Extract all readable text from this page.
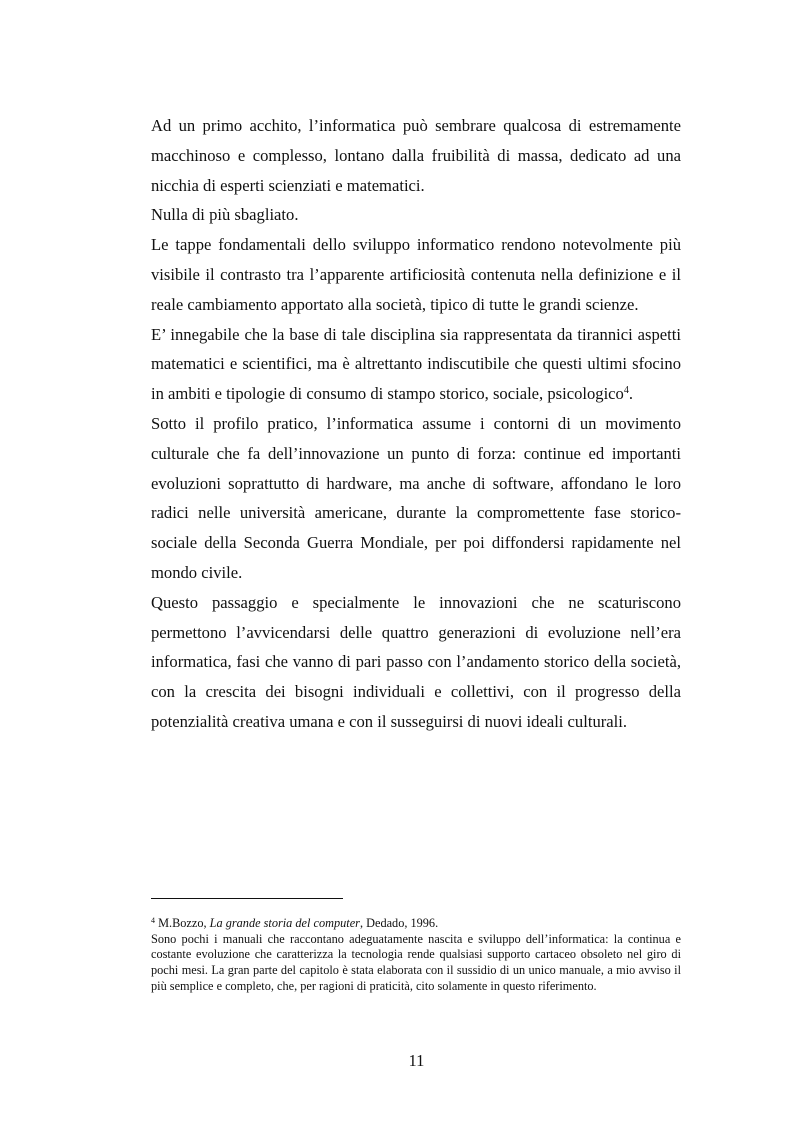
Ad un primo acchito, l’informatica può sembrare qualcosa di estremamente macchinoso e complesso, lontano dalla fruibilità di massa, dedicato ad una nicchia di esperti scienziati e matematici.

Nulla di più sbagliato.

Le tappe fondamentali dello sviluppo informatico rendono notevolmente più visibile il contrasto tra l’apparente artificiosità contenuta nella definizione e il reale cambiamento apportato alla società, tipico di tutte le grandi scienze.

E’ innegabile che la base di tale disciplina sia rappresentata da tirannici aspetti matematici e scientifici, ma è altrettanto indiscutibile che questi ultimi sfocino in ambiti e tipologie di consumo di stampo storico, sociale, psicologico$^4$.

Sotto il profilo pratico, l’informatica assume i contorni di un movimento culturale che fa dell’innovazione un punto di forza: continue ed importanti evoluzioni soprattutto di hardware, ma anche di software, affondano le loro radici nelle università americane, durante la compromettente fase storico-sociale della Seconda Guerra Mondiale, per poi diffondersi rapidamente nel mondo civile.

Questo passaggio e specialmente le innovazioni che ne scaturiscono permettono l’avvicendarsi delle quattro generazioni di evoluzione nell’era informatica, fasi che vanno di pari passo con l’andamento storico della società, con la crescita dei bisogni individuali e collettivi, con il progresso della potenzialità creativa umana e con il susseguirsi di nuovi ideali culturali.

$^4$ M.Bozzo, La grande storia del computer, Dedado, 1996.

Sono pochi i manuali che raccontano adeguatamente nascita e sviluppo dell’informatica: la continua e costante evoluzione che caratterizza la tecnologia rende qualsiasi supporto cartaceo obsoleto nel giro di pochi mesi. La gran parte del capitolo è stata elaborata con il sussidio di un unico manuale, a mio avviso il più semplice e completo, che, per ragioni di praticità, cito solamente in questo riferimento.

11
